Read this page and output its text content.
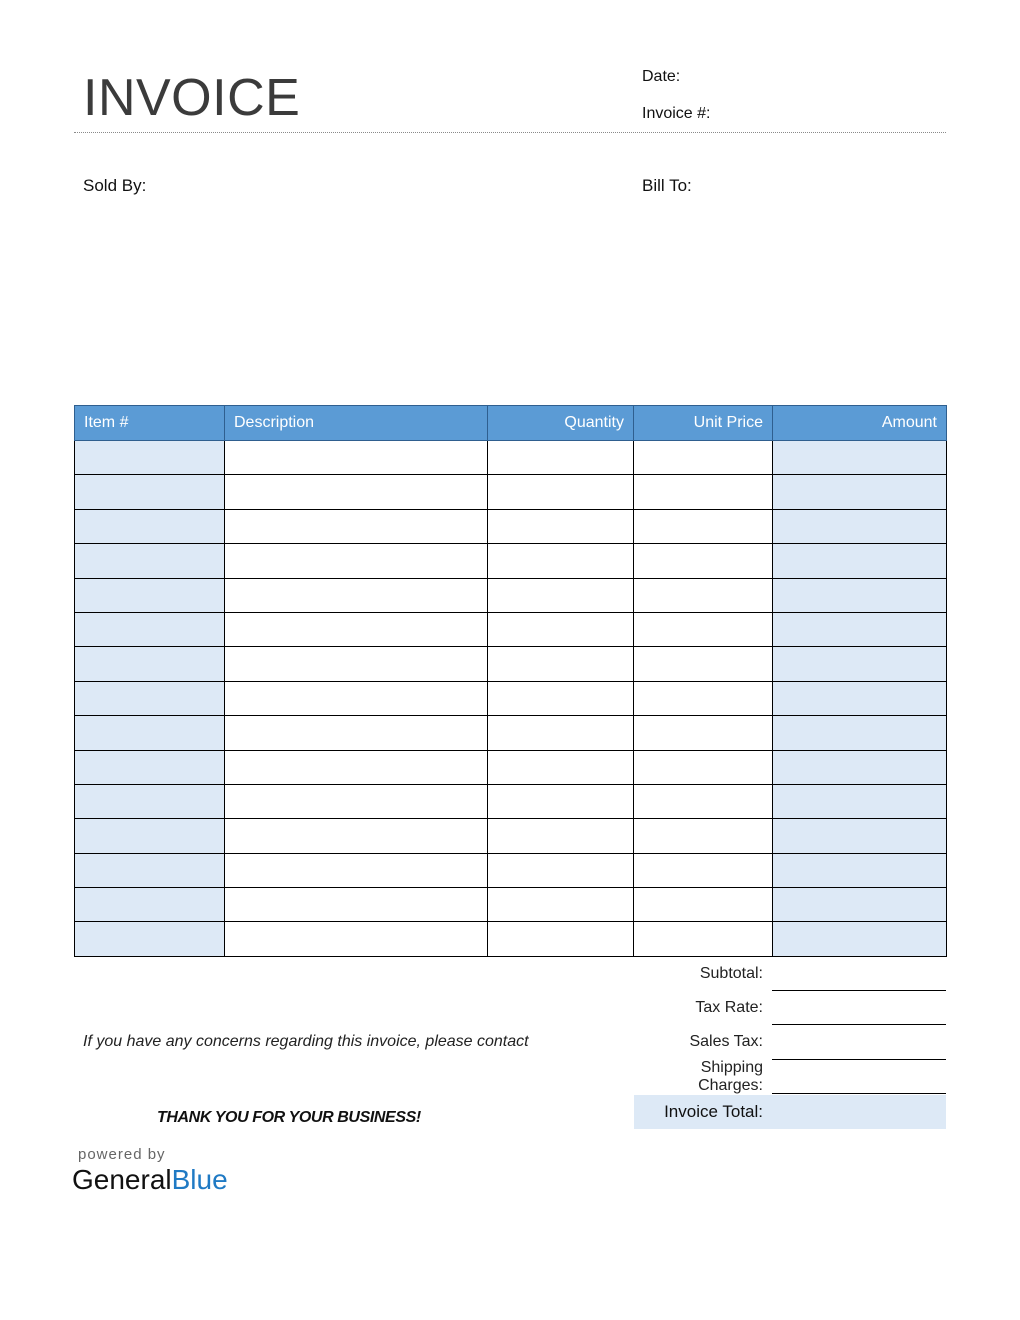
INVOICE	Date:
Invoice #:
Sold By:	Bill To:
Item #	Description	Quantity	Unit Price	Amount

Subtotal:
Tax Rate:
Sales Tax:
Shipping Charges:
Invoice Total:
If you have any concerns regarding this invoice, please contact
THANK YOU FOR YOUR BUSINESS!
powered by
GeneralBlue
